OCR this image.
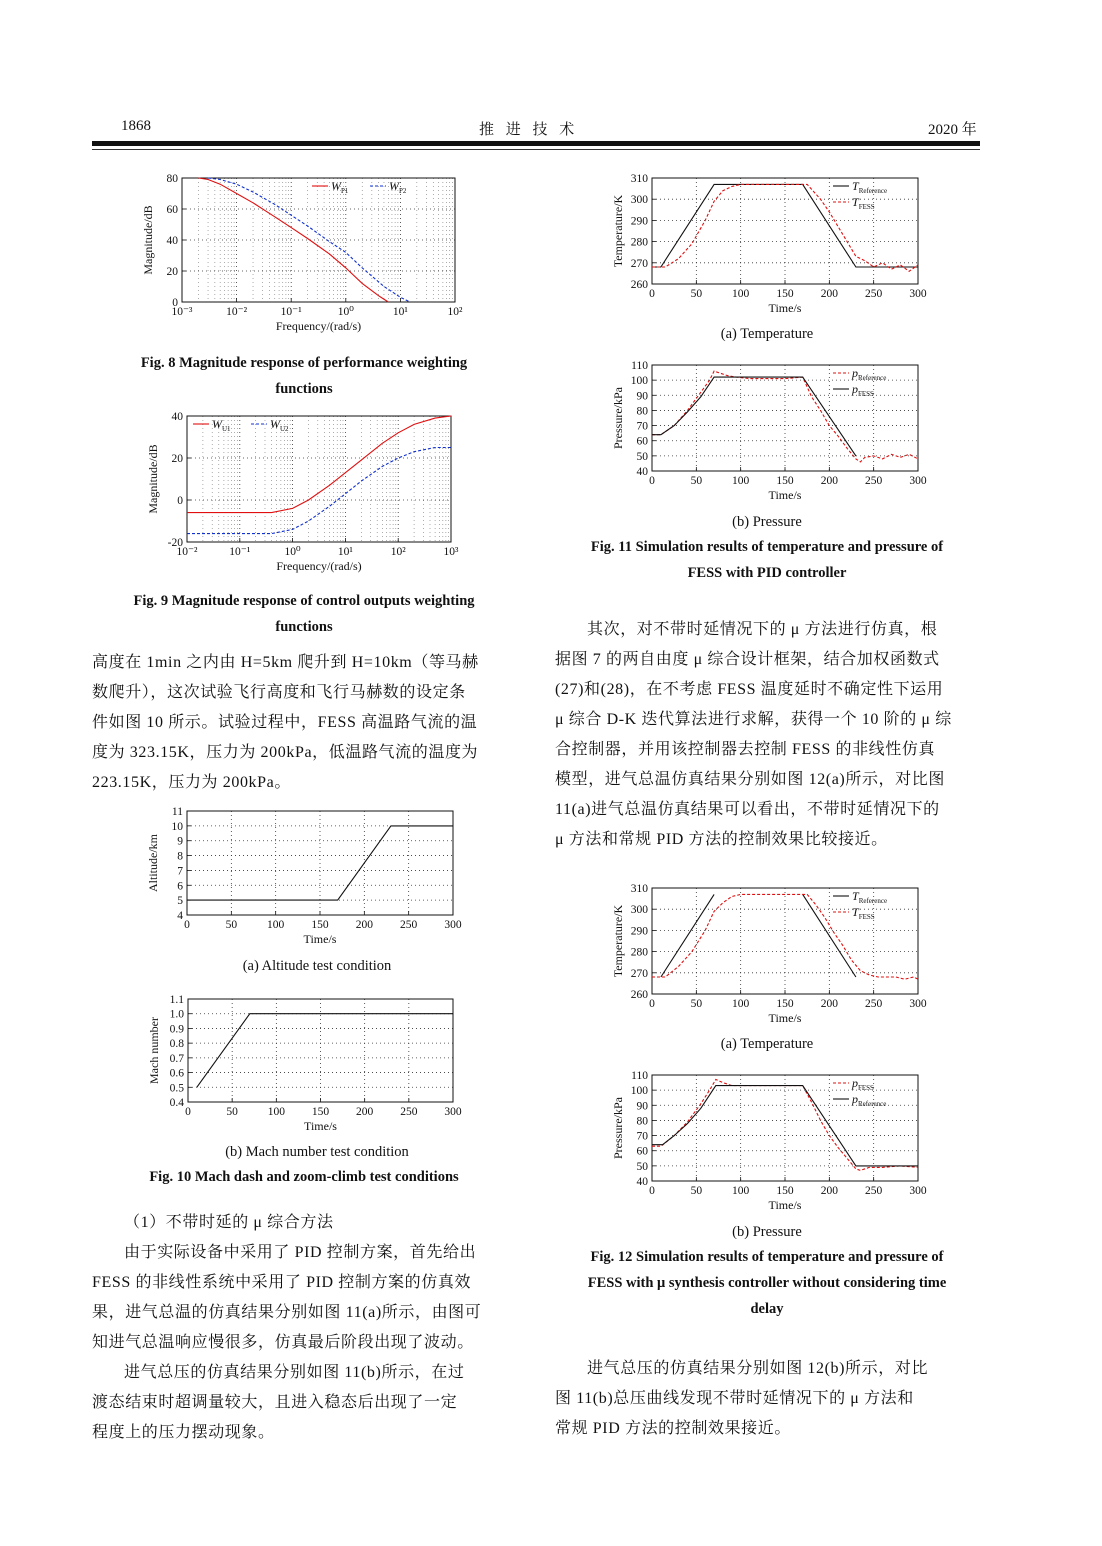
1868	推 进 技 术	2020 年
10⁻³	10⁻²	10⁻¹	10⁰	10¹	10²
0
20
40
60
80
Frequency/(rad/s)
Magnitude/dB
$W_{P1}$	$W_{P2}$
Fig. 8 Magnitude response of performance weighting
functions
10⁻²	10⁻¹	10⁰	10¹	10²	10³
-20
0
20
40
Frequency/(rad/s)
Magnitude/dB
$W_{U1}$	$W_{U2}$
Fig. 9 Magnitude response of control outputs weighting
functions

高度在 1min 之内由 H=5km 爬升到 H=10km（等马赫

数爬升），这次试验飞行高度和飞行马赫数的设定条

件如图 10 所示。试验过程中，FESS 高温路气流的温

度为 323.15K，压力为 200kPa，低温路气流的温度为

223.15K，压力为 200kPa。

0	50	100 150 200 250 300
4
5
6
7
8
9
10
11
Time/s
Altitude/km
(a) Altitude test condition
0	50	100 150 200 250 300
0.4
0.5
0.6
0.7
0.8
0.9
1.0
1.1
Time/s
Mach number
(b) Mach number test condition
Fig. 10 Mach dash and zoom-climb test conditions

（1）不带时延的 μ 综合方法

由于实际设备中采用了 PID 控制方案，首先给出

FESS 的非线性系统中采用了 PID 控制方案的仿真效

果，进气总温的仿真结果分别如图 11(a)所示，由图可

知进气总温响应慢很多，仿真最后阶段出现了波动。

进气总压的仿真结果分别如图 11(b)所示，在过

渡态结束时超调量较大，且进入稳态后出现了一定

程度上的压力摆动现象。

0	50	100 150 200 250 300
260
270
280
290
300
310
Time/s
Temperature/K
$T_{Reference}$
$T_{FESS}$
(a) Temperature
0	50	100 150 200 250 300
40
50
60
70
80
90
100
110
Time/s
Pressure/kPa
$p_{Reference}$
$p_{FESS}$
(b) Pressure
Fig. 11 Simulation results of temperature and pressure of
FESS with PID controller

其次，对不带时延情况下的 μ 方法进行仿真，根

据图 7 的两自由度 μ 综合设计框架，结合加权函数式

(27)和(28)，在不考虑 FESS 温度延时不确定性下运用

μ 综合 D-K 迭代算法进行求解，获得一个 10 阶的 μ 综

合控制器，并用该控制器去控制 FESS 的非线性仿真

模型，进气总温仿真结果分别如图 12(a)所示，对比图

11(a)进气总温仿真结果可以看出，不带时延情况下的

μ 方法和常规 PID 方法的控制效果比较接近。

0	50	100 150 200 250 300
260
270
280
290
300
310
Time/s
Temperature/K
$T_{Reference}$
$T_{FESS}$
(a) Temperature
0	50	100 150 200 250 300
40
50
60
70
80
90
100
110
Time/s
Pressure/kPa
$p_{FESS}$
$p_{Reference}$
(b) Pressure
Fig. 12 Simulation results of temperature and pressure of
FESS with μ synthesis controller without considering time
delay

进气总压的仿真结果分别如图 12(b)所示，对比

图 11(b)总压曲线发现不带时延情况下的 μ 方法和

常规 PID 方法的控制效果接近。
